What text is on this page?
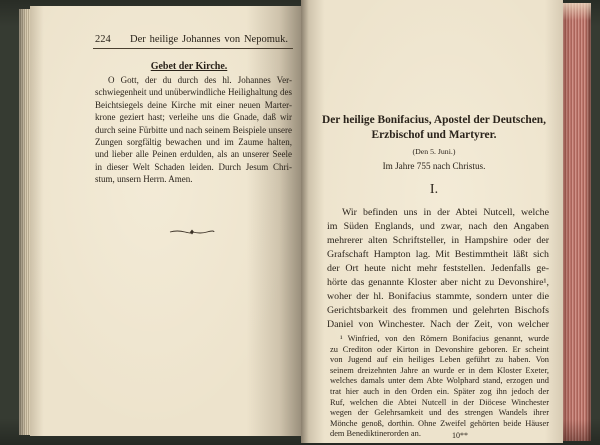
224 Der heilige Johannes von Nepomuk.
Gebet der Kirche.
O Gott, der du durch des hl. Johannes Ver-
schwiegenheit und unüberwindliche Heilighaltung des
Beichtsiegels deine Kirche mit einer neuen Marter-
krone geziert hast; verleihe uns die Gnade, daß wir
durch seine Fürbitte und nach seinem Beispiele unsere
Zungen sorgfältig bewachen und im Zaume halten,
und lieber alle Peinen erdulden, als an unserer Seele
in dieser Welt Schaden leiden. Durch Jesum Chri-
stum, unsern Herrn. Amen.
Der heilige Bonifacius, Apostel der Deutschen,
Erzbischof und Martyrer.
(Den 5. Juni.)
Im Jahre 755 nach Christus.
I.
Wir befinden uns in der Abtei Nutcell, welche
im Süden Englands, und zwar, nach den Angaben
mehrerer alten Schriftsteller, in Hampshire oder der
Grafschaft Hampton lag. Mit Bestimmtheit läßt sich
der Ort heute nicht mehr feststellen. Jedenfalls ge-
hörte das genannte Kloster aber nicht zu Devonshire¹,
woher der hl. Bonifacius stammte, sondern unter die
Gerichtsbarkeit des frommen und gelehrten Bischofs
Daniel von Winchester. Nach der Zeit, von welcher
¹ Winfried, von den Römern Bonifacius genannt, wurde
zu Crediton oder Kirton in Devonshire geboren. Er scheint
von Jugend auf ein heiliges Leben geführt zu haben. Von
seinem dreizehnten Jahre an wurde er in dem Kloster Exeter,
welches damals unter dem Abte Wolphard stand, erzogen und
trat hier auch in den Orden ein. Später zog ihn jedoch der
Ruf, welchen die Abtei Nutcell in der Diöcese Winchester
wegen der Gelehrsamkeit und des strengen Wandels ihrer
Mönche genoß, dorthin. Ohne Zweifel gehörten beide Häuser
dem Benediktinerorden an.	10**
